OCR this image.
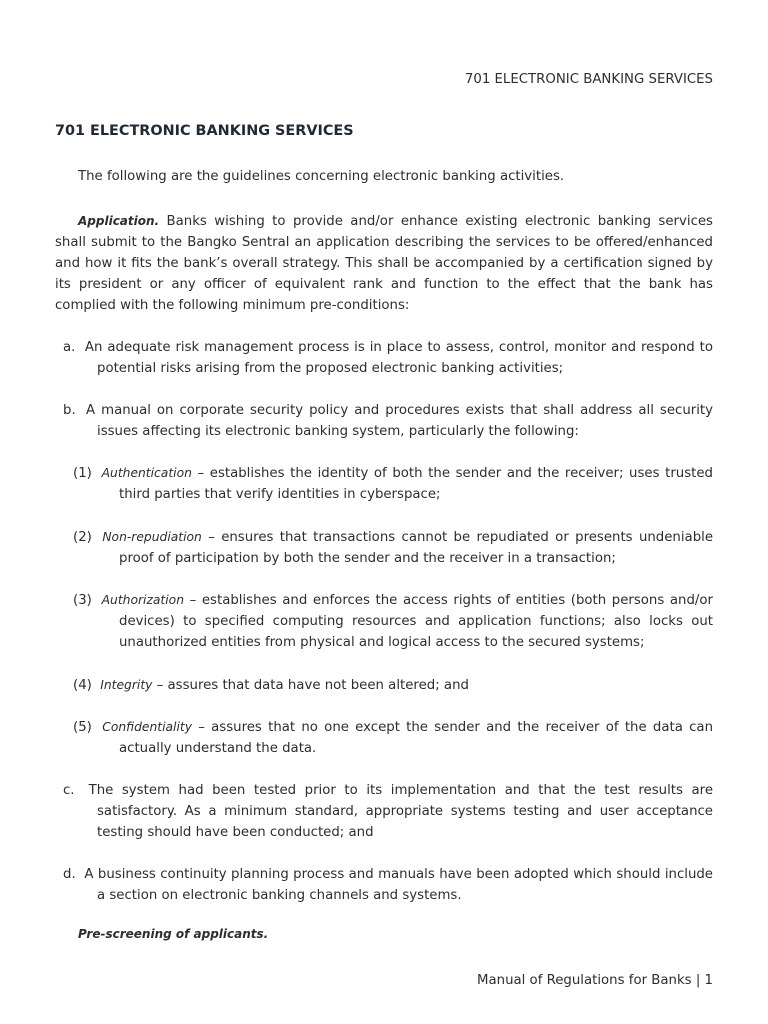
701 ELECTRONIC BANKING SERVICES
701 ELECTRONIC BANKING SERVICES
The following are the guidelines concerning electronic banking activities.
Application. Banks wishing to provide and/or enhance existing electronic banking services shall submit to the Bangko Sentral an application describing the services to be offered/enhanced and how it fits the bank’s overall strategy. This shall be accompanied by a certification signed by its president or any officer of equivalent rank and function to the effect that the bank has complied with the following minimum pre-conditions:
a. An adequate risk management process is in place to assess, control, monitor and respond to potential risks arising from the proposed electronic banking activities;
b. A manual on corporate security policy and procedures exists that shall address all security issues affecting its electronic banking system, particularly the following:
(1) Authentication – establishes the identity of both the sender and the receiver; uses trusted third parties that verify identities in cyberspace;
(2) Non-repudiation – ensures that transactions cannot be repudiated or presents undeniable proof of participation by both the sender and the receiver in a transaction;
(3) Authorization – establishes and enforces the access rights of entities (both persons and/or devices) to specified computing resources and application functions; also locks out unauthorized entities from physical and logical access to the secured systems;
(4) Integrity – assures that data have not been altered; and
(5) Confidentiality – assures that no one except the sender and the receiver of the data can actually understand the data.
c. The system had been tested prior to its implementation and that the test results are satisfactory. As a minimum standard, appropriate systems testing and user acceptance testing should have been conducted; and
d. A business continuity planning process and manuals have been adopted which should include a section on electronic banking channels and systems.
Pre-screening of applicants.
Manual of Regulations for Banks | 1
